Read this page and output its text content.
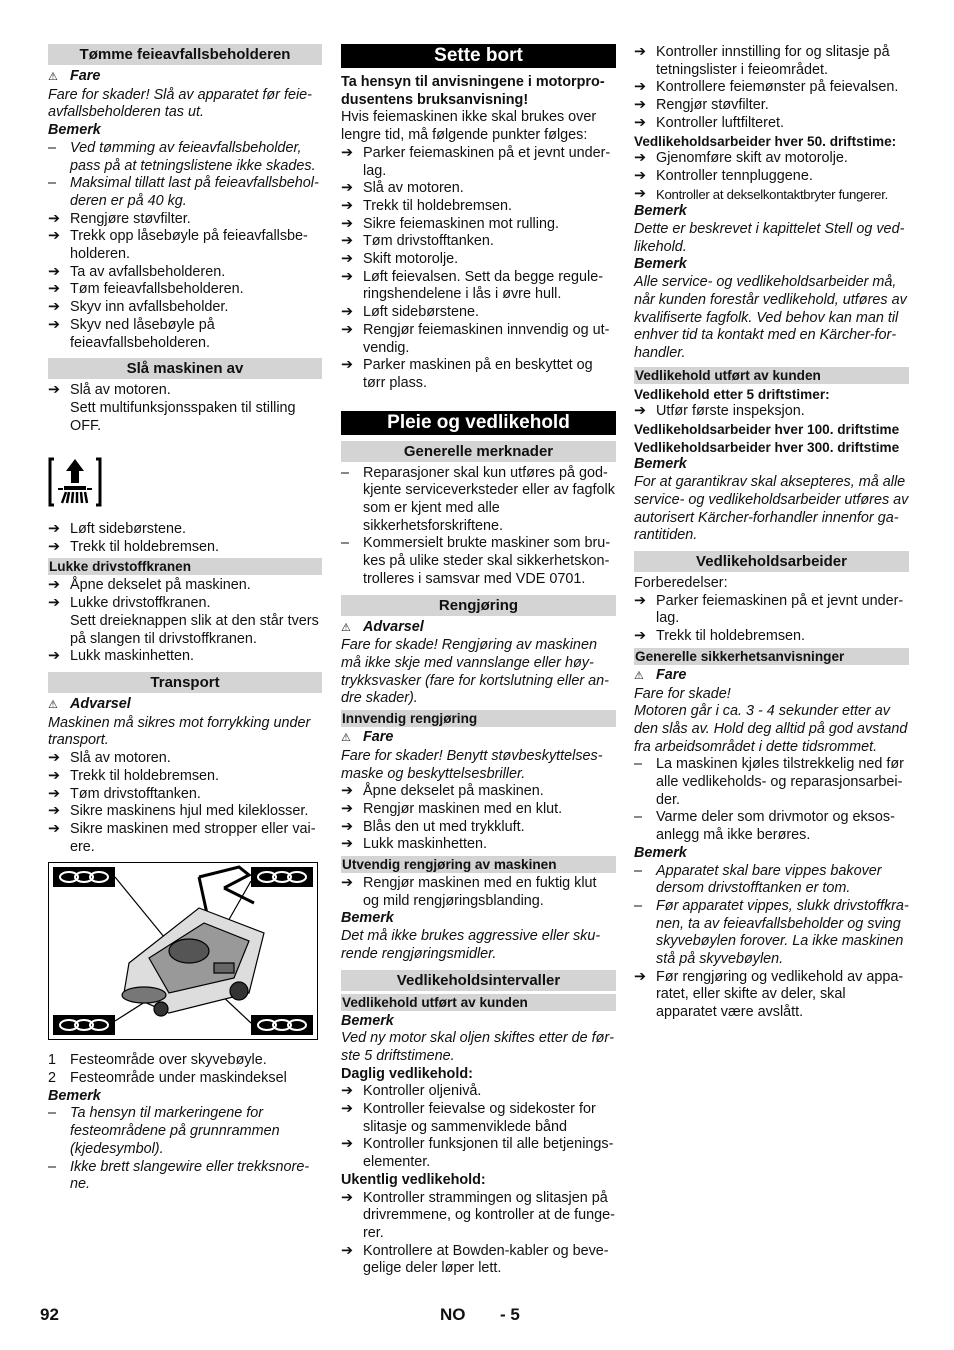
Tømme feieavfallsbeholderen

⚠ Fare

Fare for skader! Slå av apparatet før feieavfallsbeholderen tas ut.

Bemerk

– Ved tømming av feieavfallsbeholder, pass på at tetningslistene ikke skades.
– Maksimal tillatt last på feieavfallsbeholderen er på 40 kg.
➔ Rengjøre støvfilter.
➔ Trekk opp låsebøyle på feieavfallsbeholderen.
➔ Ta av avfallsbeholderen.
➔ Tøm feieavfallsbeholderen.
➔ Skyv inn avfallsbeholder.
➔ Skyv ned låsebøyle på feieavfallsbeholderen.
Slå maskinen av
➔ Slå av motoren.

Sett multifunksjonsspaken til stilling OFF.

➔ Løft sidebørstene.
➔ Trekk til holdebremsen.
Lukke drivstoffkranen
➔ Åpne dekselet på maskinen.
➔ Lukke drivstoffkranen.

Sett dreieknappen slik at den står tvers på slangen til drivstoffkranen.

➔ Lukk maskinhetten.
Transport

⚠ Advarsel

Maskinen må sikres mot forrykking under transport.

➔ Slå av motoren.
➔ Trekk til holdebremsen.
➔ Tøm drivstofftanken.
➔ Sikre maskinens hjul med kileklosser.
➔ Sikre maskinen med stropper eller vaiere.
1 Festeområde over skyvebøyle.
2 Festeområde under maskindeksel

Bemerk

– Ta hensyn til markeringene for festeområdene på grunnrammen (kjedesymbol).
– Ikke brett slangewire eller trekksnorene.
Sette bort

Ta hensyn til anvisningene i motorprodusentens bruksanvisning!

Hvis feiemaskinen ikke skal brukes over lengre tid, må følgende punkter følges:

➔ Parker feiemaskinen på et jevnt underlag.
➔ Slå av motoren.
➔ Trekk til holdebremsen.
➔ Sikre feiemaskinen mot rulling.
➔ Tøm drivstofftanken.
➔ Skift motorolje.
➔ Løft feievalsen. Sett da begge reguleringshendelene i lås i øvre hull.
➔ Løft sidebørstene.
➔ Rengjør feiemaskinen innvendig og utvendig.
➔ Parker maskinen på en beskyttet og tørr plass.
Pleie og vedlikehold
Generelle merknader
– Reparasjoner skal kun utføres på godkjente serviceverksteder eller av fagfolk som er kjent med alle sikkerhetsforskriftene.
– Kommersielt brukte maskiner som brukes på ulike steder skal sikkerhetskontrolleres i samsvar med VDE 0701.
Rengjøring

⚠ Advarsel

Fare for skade! Rengjøring av maskinen må ikke skje med vannslange eller høytrykksvasker (fare for kortslutning eller andre skader).

Innvendig rengjøring

⚠ Fare

Fare for skader! Benytt støvbeskyttelsesmaske og beskyttelsesbriller.

➔ Åpne dekselet på maskinen.
➔ Rengjør maskinen med en klut.
➔ Blås den ut med trykkluft.
➔ Lukk maskinhetten.
Utvendig rengjøring av maskinen
➔ Rengjør maskinen med en fuktig klut og mild rengjøringsblanding.

Bemerk

Det må ikke brukes aggressive eller skurende rengjøringsmidler.

Vedlikeholdsintervaller
Vedlikehold utført av kunden

Bemerk

Ved ny motor skal oljen skiftes etter de første 5 driftstimene.

Daglig vedlikehold:

➔ Kontroller oljenivå.
➔ Kontroller feievalse og sidekoster for slitasje og sammenviklede bånd
➔ Kontroller funksjonen til alle betjeningselementer.

Ukentlig vedlikehold:

➔ Kontroller strammingen og slitasjen på drivremmene, og kontroller at de fungerer.
➔ Kontrollere at Bowden-kabler og bevegelige deler løper lett.
➔ Kontroller innstilling for og slitasje på tetningslister i feieområdet.
➔ Kontrollere feiemønster på feievalsen.
➔ Rengjør støvfilter.
➔ Kontroller luftfilteret.

Vedlikeholdsarbeider hver 50. driftstime:

➔ Gjenomføre skift av motorolje.
➔ Kontroller tennpluggene.
➔ Kontroller at dekselkontaktbryter fungerer.

Bemerk

Dette er beskrevet i kapittelet Stell og vedlikehold.

Bemerk

Alle service- og vedlikeholdsarbeider må, når kunden forestår vedlikehold, utføres av kvalifiserte fagfolk. Ved behov kan man til enhver tid ta kontakt med en Kärcher-forhandler.

Vedlikehold utført av kunden

Vedlikehold etter 5 driftstimer:

➔ Utfør første inspeksjon.

Vedlikeholdsarbeider hver 100. driftstime

Vedlikeholdsarbeider hver 300. driftstime

Bemerk

For at garantikrav skal aksepteres, må alle service- og vedlikeholdsarbeider utføres av autorisert Kärcher-forhandler innenfor garantitiden.

Vedlikeholdsarbeider

Forberedelser:

➔ Parker feiemaskinen på et jevnt underlag.
➔ Trekk til holdebremsen.
Generelle sikkerhetsanvisninger

⚠ Fare

Fare for skade!

Motoren går i ca. 3 - 4 sekunder etter av den slås av. Hold deg alltid på god avstand fra arbeidsområdet i dette tidsrommet.

– La maskinen kjøles tilstrekkelig ned før alle vedlikeholds- og reparasjonsarbeider.
– Varme deler som drivmotor og eksosanlegg må ikke berøres.

Bemerk

– Apparatet skal bare vippes bakover dersom drivstofftanken er tom.
– Før apparatet vippes, slukk drivstoffkranen, ta av feieavfallsbeholder og sving skyvebøylen forover. La ikke maskinen stå på skyvebøylen.
➔ Før rengjøring og vedlikehold av apparatet, eller skifte av deler, skal apparatet være avslått.
92	NO - 5
